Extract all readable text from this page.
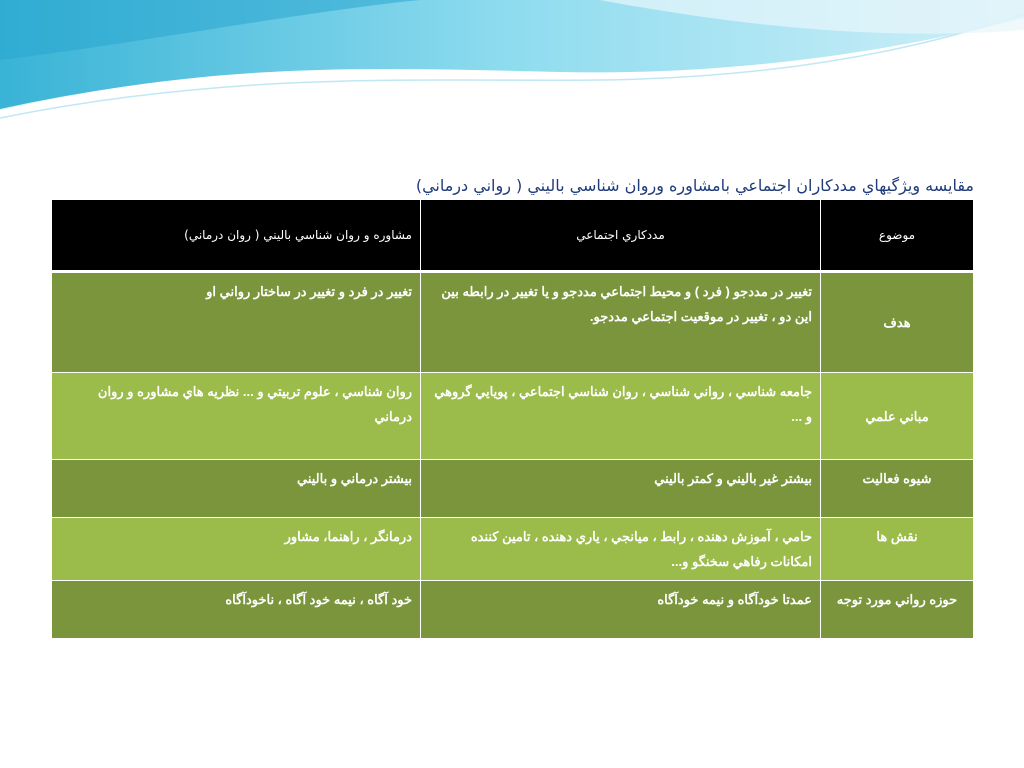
مقايسه ويژگيهاي مددكاران اجتماعي بامشاوره وروان شناسي باليني ( رواني درماني)
موضوع	مددكاري اجتماعي	مشاوره و روان شناسي باليني ( روان درماني)
هدف	تغيير در مددجو ( فرد ) و محيط اجتماعي مددجو و يا تغيير در رابطه بين اين دو ، تغيير در موقعيت اجتماعي مددجو.	تغيير در فرد و تغيير در ساختار رواني او
مباني علمي	جامعه شناسي ، رواني شناسي ، روان شناسي اجتماعي ، پويايي گروهي و ...	روان شناسي ، علوم تربيتي و ... نظريه هاي مشاوره و روان درماني
شيوه فعاليت	بيشتر غير باليني و كمتر باليني	بيشتر درماني و باليني
نقش ها	حامي ، آموزش دهنده ، رابط ، ميانجي ، ياري دهنده ، تامين كننده امكانات رفاهي سخنگو و...	درمانگر ، راهنما، مشاور
حوزه رواني مورد توجه	عمدتا خودآگاه و نيمه خودآگاه	خود آگاه ، نيمه خود آگاه ، ناخودآگاه
